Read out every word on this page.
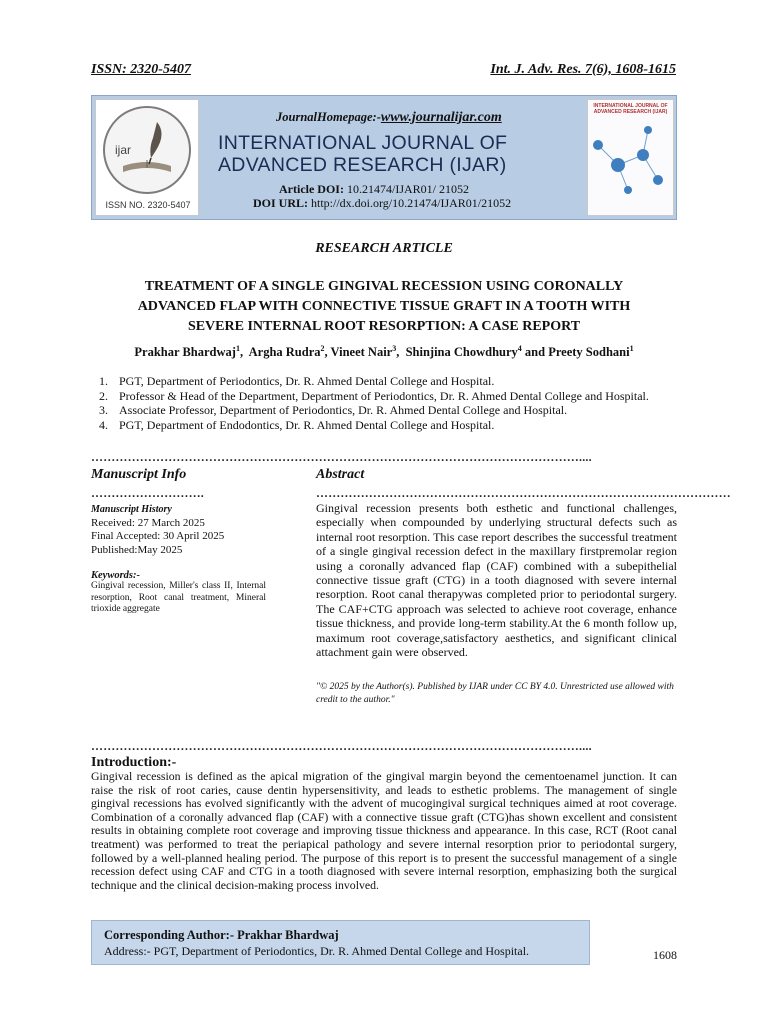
ISSN: 2320-5407	Int. J. Adv. Res. 7(6), 1608-1615
ijar
ISSN NO. 2320-5407
JournalHomepage:-www.journalijar.com
INTERNATIONAL JOURNAL OF
ADVANCED RESEARCH (IJAR)
Article DOI: 10.21474/IJAR01/ 21052
DOI URL: http://dx.doi.org/10.21474/IJAR01/21052
INTERNATIONAL JOURNAL OF ADVANCED RESEARCH (IJAR)
RESEARCH ARTICLE
TREATMENT OF A SINGLE GINGIVAL RECESSION USING CORONALLY
ADVANCED FLAP WITH CONNECTIVE TISSUE GRAFT IN A TOOTH WITH
SEVERE INTERNAL ROOT RESORPTION: A CASE REPORT
Prakhar Bhardwaj$^1$,  Argha Rudra$^2$, Vineet Nair$^3$,  Shinjina Chowdhury$^4$ and Preety Sodhani$^1$
1. PGT, Department of Periodontics, Dr. R. Ahmed Dental College and Hospital.
2. Professor & Head of the Department, Department of Periodontics, Dr. R. Ahmed Dental College and Hospital.
3. Associate Professor, Department of Periodontics, Dr. R. Ahmed Dental College and Hospital.
4. PGT, Department of Endodontics, Dr. R. Ahmed Dental College and Hospital.
…………………………………………………………………………………………………………....
Manuscript Info
……………………….
Manuscript History
Received: 27 March 2025
Final Accepted: 30 April 2025
Published:May 2025
Keywords:-
Gingival recession, Miller's class II, Internal resorption, Root canal treatment, Mineral trioxide aggregate
Abstract
…………………………………………………………………………………………
Gingival recession presents both esthetic and functional challenges, especially when compounded by underlying structural defects such as internal root resorption. This case report describes the successful treatment of a single gingival recession defect in the maxillary firstpremolar region using a coronally advanced flap (CAF) combined with a subepithelial connective tissue graft (CTG) in a tooth diagnosed with severe internal resorption. Root canal therapywas completed prior to periodontal surgery. The CAF+CTG approach was selected to achieve root coverage, enhance tissue thickness, and provide long-term stability.At the 6 month follow up, maximum root coverage,satisfactory aesthetics, and significant clinical attachment gain were observed.
"© 2025 by the Author(s). Published by IJAR under CC BY 4.0. Unrestricted use allowed with credit to the author."
…………………………………………………………………………………………………………....
Introduction:-
Gingival recession is defined as the apical migration of the gingival margin beyond the cementoenamel junction. It can raise the risk of root caries, cause dentin hypersensitivity, and leads to esthetic problems. The management of single gingival recessions has evolved significantly with the advent of mucogingival surgical techniques aimed at root coverage. Combination of a coronally advanced flap (CAF) with a connective tissue graft (CTG)has shown excellent and consistent results in obtaining complete root coverage and improving tissue thickness and appearance. In this case, RCT (Root canal treatment) was performed to treat the periapical pathology and severe internal resorption prior to periodontal surgery, followed by a well-planned healing period. The purpose of this report is to present the successful management of a single recession defect using CAF and CTG in a tooth diagnosed with severe internal resorption, emphasizing both the surgical technique and the clinical decision-making process involved.
Corresponding Author:- Prakhar Bhardwaj
Address:- PGT, Department of Periodontics, Dr. R. Ahmed Dental College and Hospital.	1608
